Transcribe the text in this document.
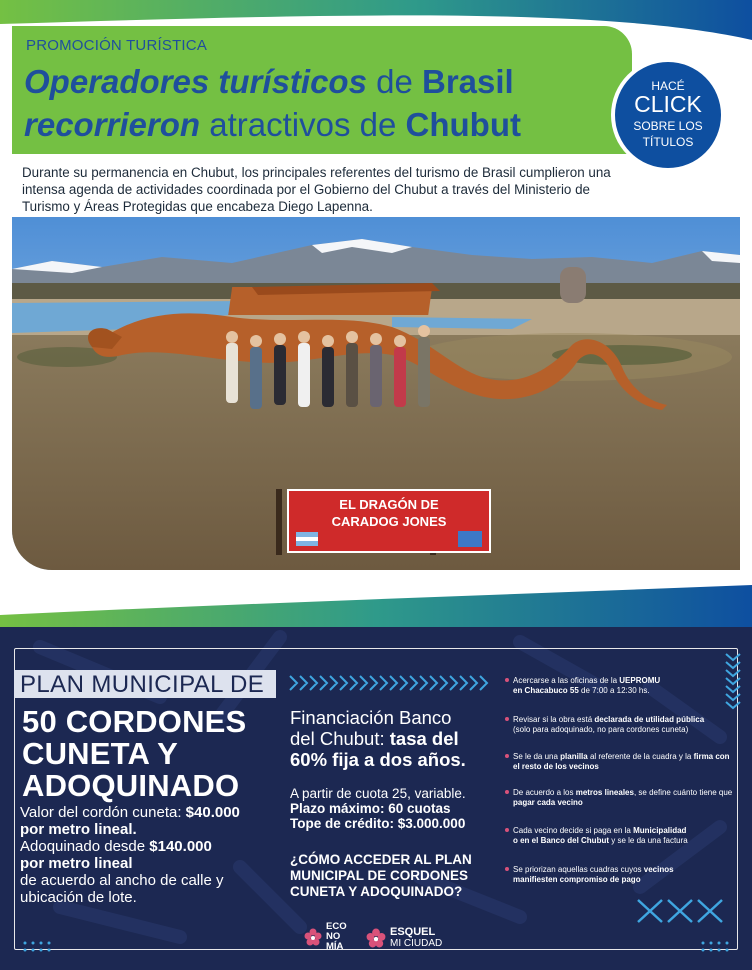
PROMOCIÓN TURÍSTICA
Operadores turísticos de Brasil
recorrieron atractivos de Chubut
HACÉ
CLICK
SOBRE LOS
TÍTULOS
Durante su permanencia en Chubut, los principales referentes del turismo de Brasil cumplieron una intensa agenda de actividades coordinada por el Gobierno del Chubut a través del Ministerio de Turismo y Áreas Protegidas que encabeza Diego Lapenna.
EL DRAGÓN DE
CARADOG JONES
PLAN MUNICIPAL DE
50 CORDONES
CUNETA Y
ADOQUINADO
Valor del cordón cuneta: $40.000
por metro lineal.
Adoquinado desde $140.000
por metro lineal
de acuerdo al ancho de calle y
ubicación de lote.
Financiación Banco
del Chubut: tasa del
60% fija a dos años.
A partir de cuota 25, variable.
Plazo máximo: 60 cuotas
Tope de crédito: $3.000.000
¿CÓMO ACCEDER AL PLAN
MUNICIPAL DE CORDONES
CUNETA Y ADOQUINADO?
Acercarse a las oficinas de la UEPROMU
en Chacabuco 55 de 7:00 a 12:30 hs.
Revisar si la obra está declarada de utilidad pública
(solo para adoquinado, no para cordones cuneta)
Se le da una planilla al referente de la cuadra y la firma con el resto de los vecinos
De acuerdo a los metros lineales, se define cuánto tiene que pagar cada vecino
Cada vecino decide si paga en la Municipalidad
o en el Banco del Chubut y se le da una factura
Se priorizan aquellas cuadras cuyos vecinos
manifiesten compromiso de pago
ECO
NO
MÍA
ESQUEL
MI CIUDAD
